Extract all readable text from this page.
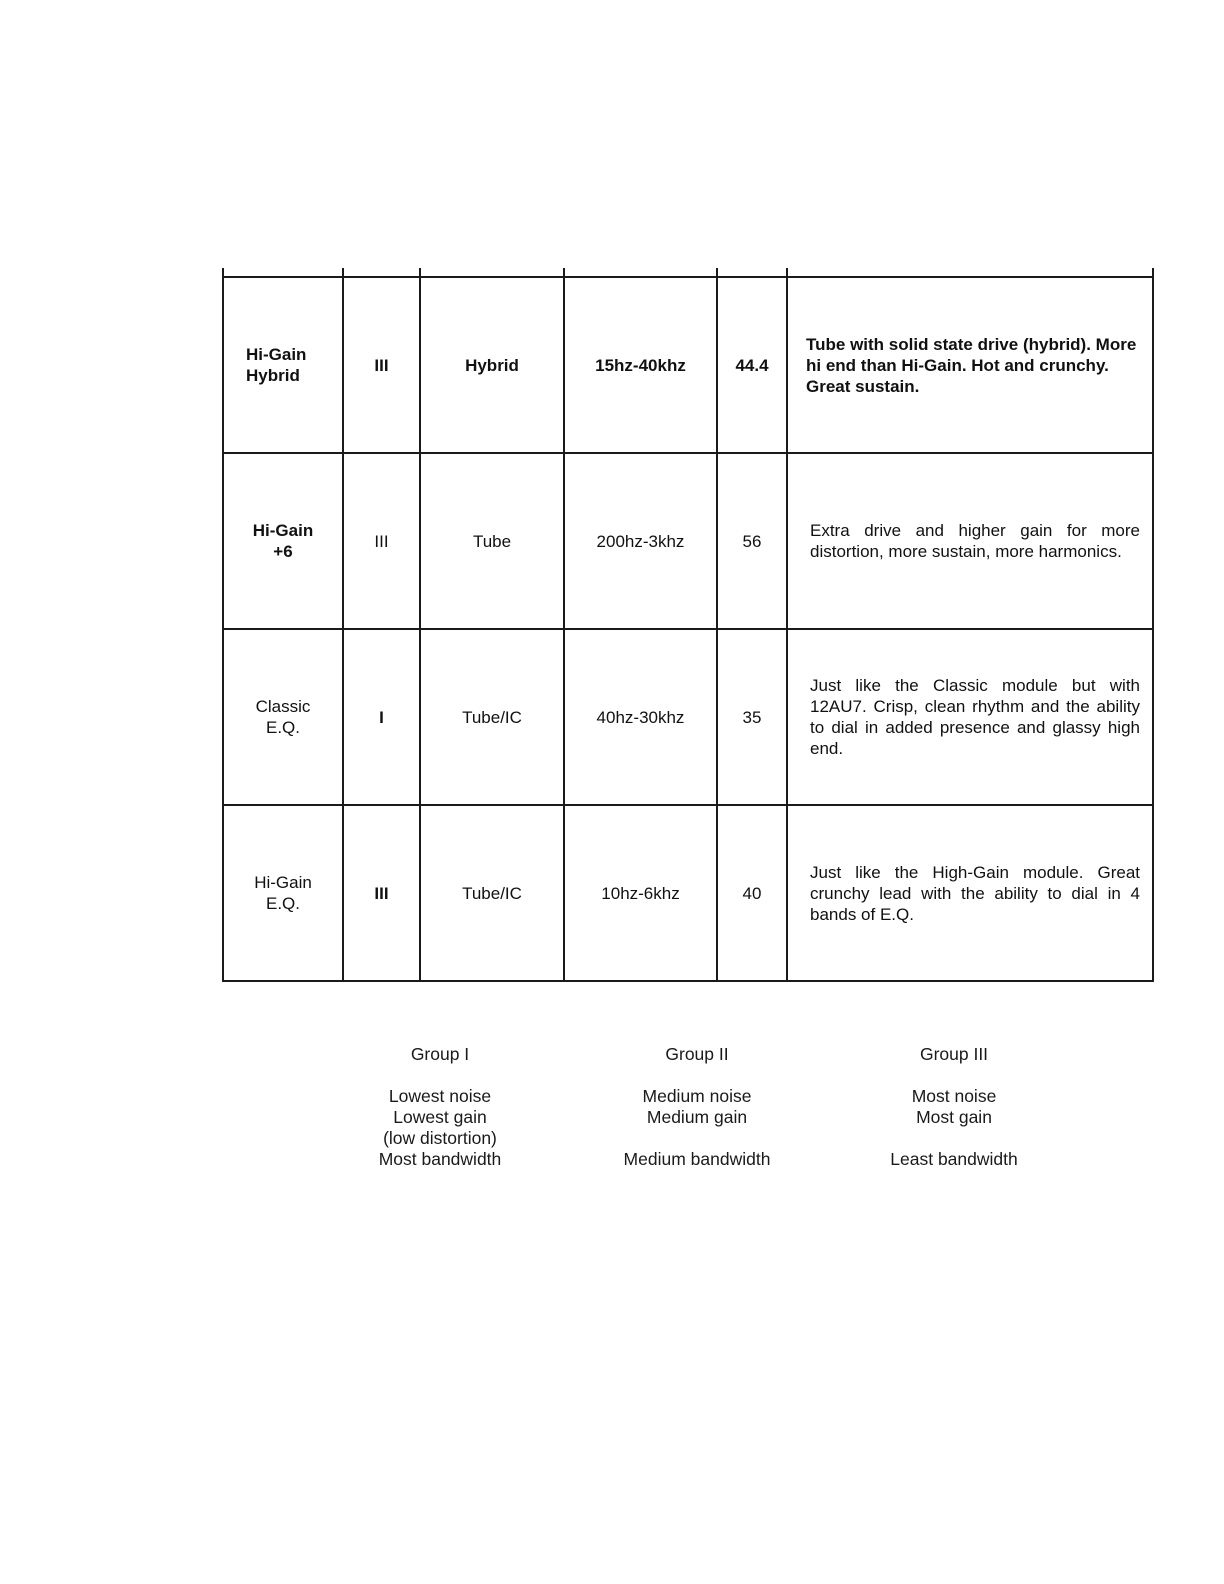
Hi-Gain
Hybrid	III	Hybrid	15hz-40khz	44.4	Tube with solid state drive (hybrid). More hi end than Hi-Gain. Hot and crunchy. Great sustain.
Hi-Gain
+6	III	Tube	200hz-3khz	56	Extra drive and higher gain for more distortion, more sustain, more harmonics.
Classic
E.Q.	I	Tube/IC	40hz-30khz	35	Just like the Classic module but with 12AU7. Crisp, clean rhythm and the ability to dial in added presence and glassy high end.
Hi-Gain
E.Q.	III	Tube/IC	10hz-6khz	40	Just like the High-Gain module. Great crunchy lead with the ability to dial in 4 bands of E.Q.
Group I
Lowest noise
Lowest gain
(low distortion)
Most bandwidth
Group II
Medium noise
Medium gain
Medium bandwidth
Group III
Most noise
Most gain
Least bandwidth
